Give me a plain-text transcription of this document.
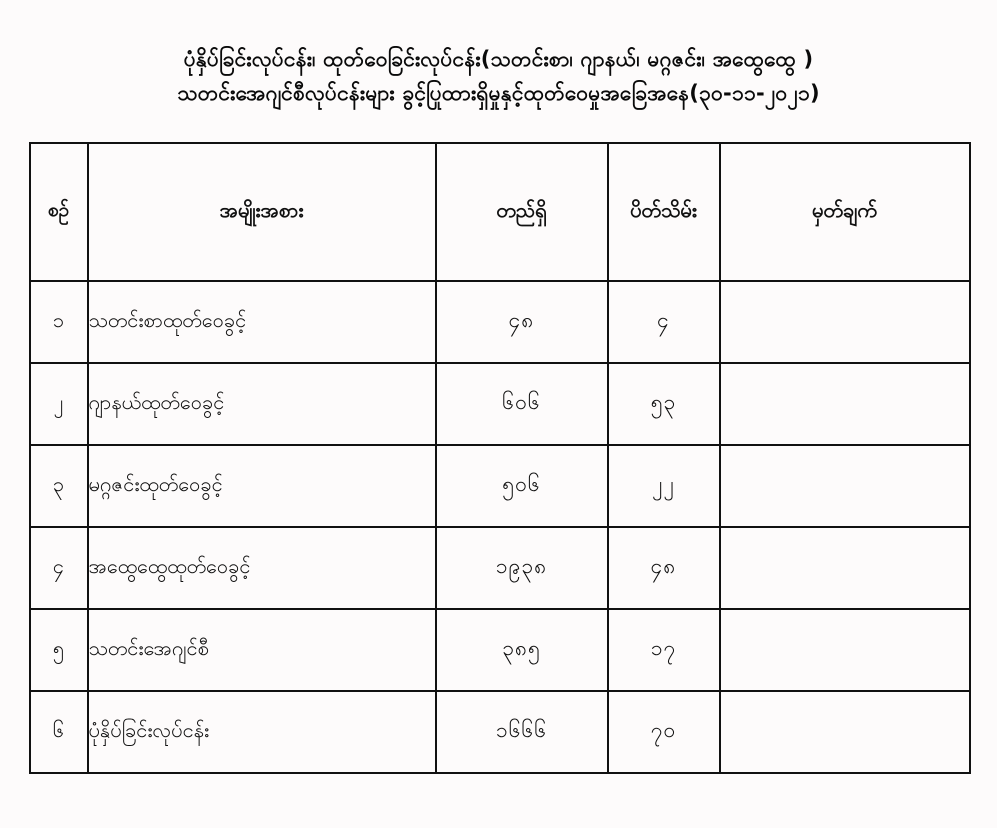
ပုံနှိပ်ခြင်းလုပ်ငန်း၊ ထုတ်ဝေခြင်းလုပ်ငန်း(သတင်းစာ၊ ဂျာနယ်၊ မဂ္ဂဇင်း၊ အထွေထွေ )
သတင်းအေဂျင်စီလုပ်ငန်းများ ခွင့်ပြုထားရှိမှုနှင့်ထုတ်ဝေမှုအခြေအနေ(၃၀-၁၁-၂၀၂၁)
စဉ်	အမျိုးအစား	တည်ရှိ	ပိတ်သိမ်း	မှတ်ချက်
၁	သတင်းစာထုတ်ဝေခွင့်	၄၈	၄	
၂	ဂျာနယ်ထုတ်ဝေခွင့်	၆၀၆	၅၃	
၃	မဂ္ဂဇင်းထုတ်ဝေခွင့်	၅၀၆	၂၂	
၄	အထွေထွေထုတ်ဝေခွင့်	၁၉၃၈	၄၈	
၅	သတင်းအေဂျင်စီ	၃၈၅	၁၇	
၆	ပုံနှိပ်ခြင်းလုပ်ငန်း	၁၆၆၆	၇၀	
